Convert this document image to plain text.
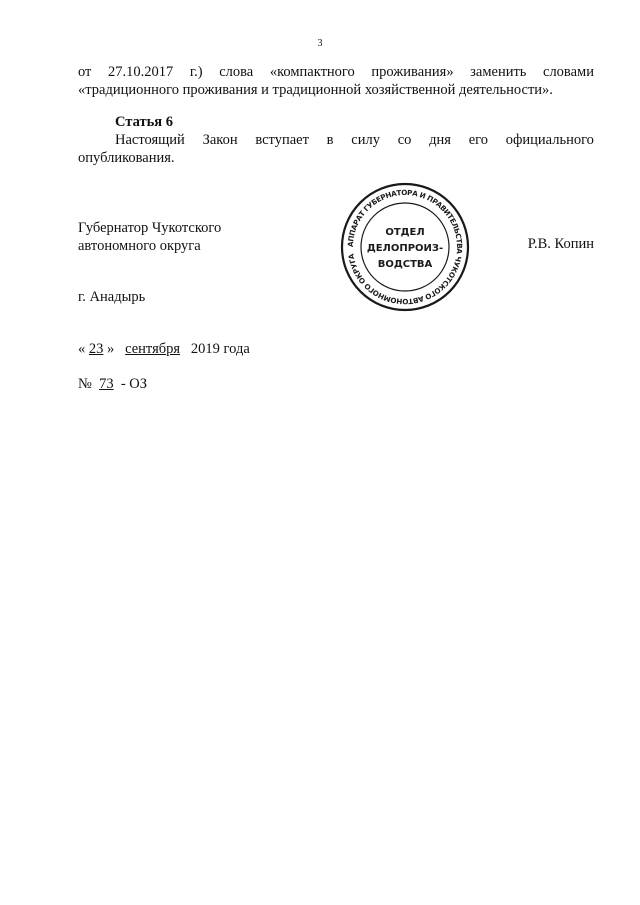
3
от 27.10.2017 г.) слова «компактного проживания» заменить словами
«традиционного проживания и традиционной хозяйственной деятельности».
Статья 6
Настоящий Закон вступает в силу со дня его официального
опубликования.
Губернатор Чукотского
автономного округа	Р.В. Копин
АППАРАТ ГУБЕРНАТОРА И ПРАВИТЕЛЬСТВА ЧУКОТСКОГО АВТОНОМНОГО ОКРУГА
ОТДЕЛ
ДЕЛОПРОИЗ-
ВОДСТВА
г. Анадырь
« 23 » сентября 2019 года
№ 73 - ОЗ
